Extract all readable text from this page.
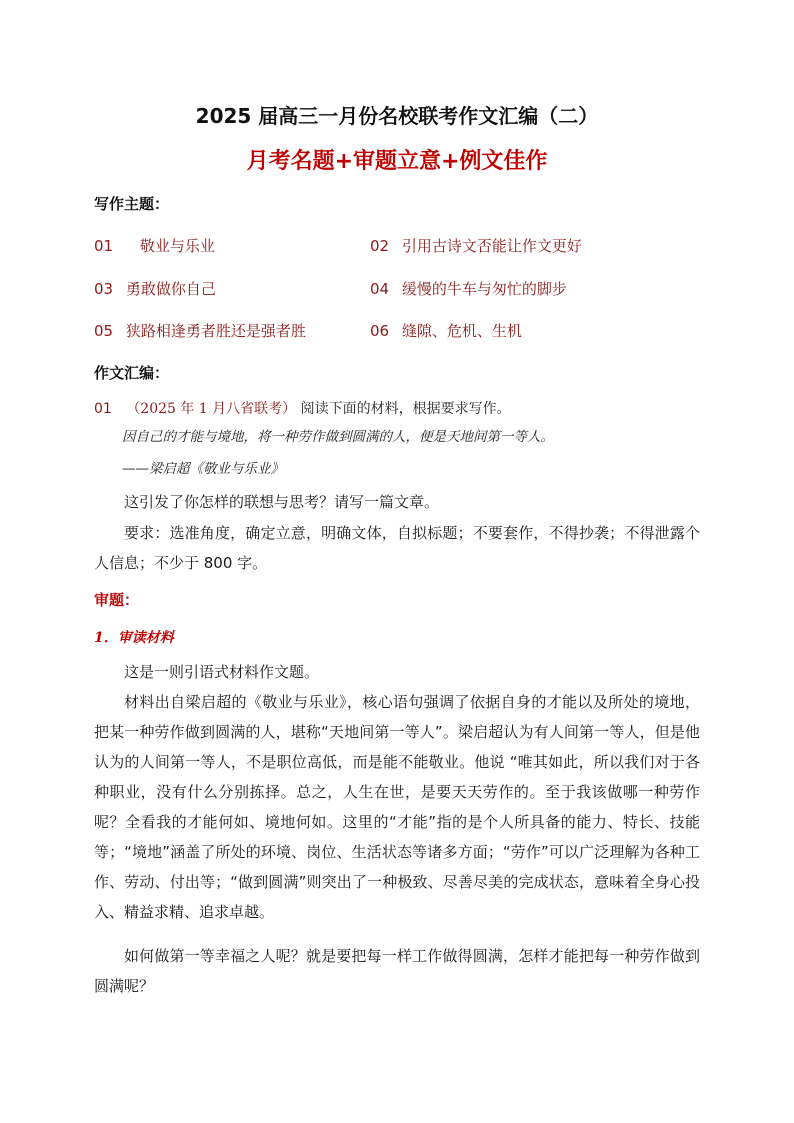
2025 届高三一月份名校联考作文汇编（二）
月考名题+审题立意+例文佳作
写作主题：
01 敬业与乐业	02 引用古诗文否能让作文更好
03 勇敢做你自己	04 缓慢的牛车与匆忙的脚步
05 狭路相逢勇者胜还是强者胜	06 缝隙、危机、生机
作文汇编：
01 （2025 年 1 月八省联考） 阅读下面的材料，根据要求写作。
因自己的才能与境地，将一种劳作做到圆满的人，便是天地间第一等人。
——梁启超《敬业与乐业》
这引发了你怎样的联想与思考？请写一篇文章。
要求：选准角度，确定立意，明确文体，自拟标题；不要套作，不得抄袭；不得泄露个人信息；不少于 800 字。
审题：
1．审读材料
这是一则引语式材料作文题。
材料出自梁启超的《敬业与乐业》，核心语句强调了依据自身的才能以及所处的境地，把某一种劳作做到圆满的人，堪称“天地间第一等人”。梁启超认为有人间第一等人，但是他认为的人间第一等人，不是职位高低，而是能不能敬业。他说 “唯其如此，所以我们对于各种职业，没有什么分别拣择。总之，人生在世，是要天天劳作的。至于我该做哪一种劳作呢？全看我的才能何如、境地何如。这里的“才能”指的是个人所具备的能力、特长、技能等；“境地”涵盖了所处的环境、岗位、生活状态等诸多方面；“劳作”可以广泛理解为各种工作、劳动、付出等；“做到圆满”则突出了一种极致、尽善尽美的完成状态，意味着全身心投入、精益求精、追求卓越。
如何做第一等幸福之人呢？就是要把每一样工作做得圆满，怎样才能把每一种劳作做到圆满呢？
